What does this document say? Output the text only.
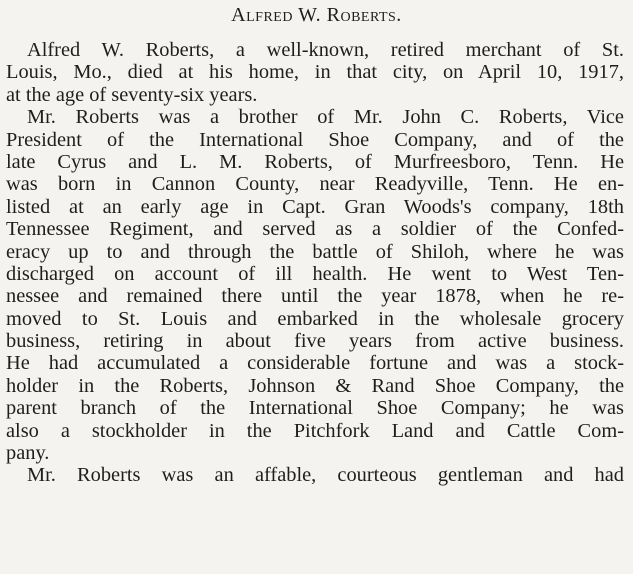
Alfred W. Roberts.
Alfred W. Roberts, a well-known, retired merchant of St.
Louis, Mo., died at his home, in that city, on April 10, 1917,
at the age of seventy-six years.
Mr. Roberts was a brother of Mr. John C. Roberts, Vice
President of the International Shoe Company, and of the
late Cyrus and L. M. Roberts, of Murfreesboro, Tenn. He
was born in Cannon County, near Readyville, Tenn. He en-
listed at an early age in Capt. Gran Woods's company, 18th
Tennessee Regiment, and served as a soldier of the Confed-
eracy up to and through the battle of Shiloh, where he was
discharged on account of ill health. He went to West Ten-
nessee and remained there until the year 1878, when he re-
moved to St. Louis and embarked in the wholesale grocery
business, retiring in about five years from active business.
He had accumulated a considerable fortune and was a stock-
holder in the Roberts, Johnson & Rand Shoe Company, the
parent branch of the International Shoe Company; he was
also a stockholder in the Pitchfork Land and Cattle Com-
pany.
Mr. Roberts was an affable, courteous gentleman and had
